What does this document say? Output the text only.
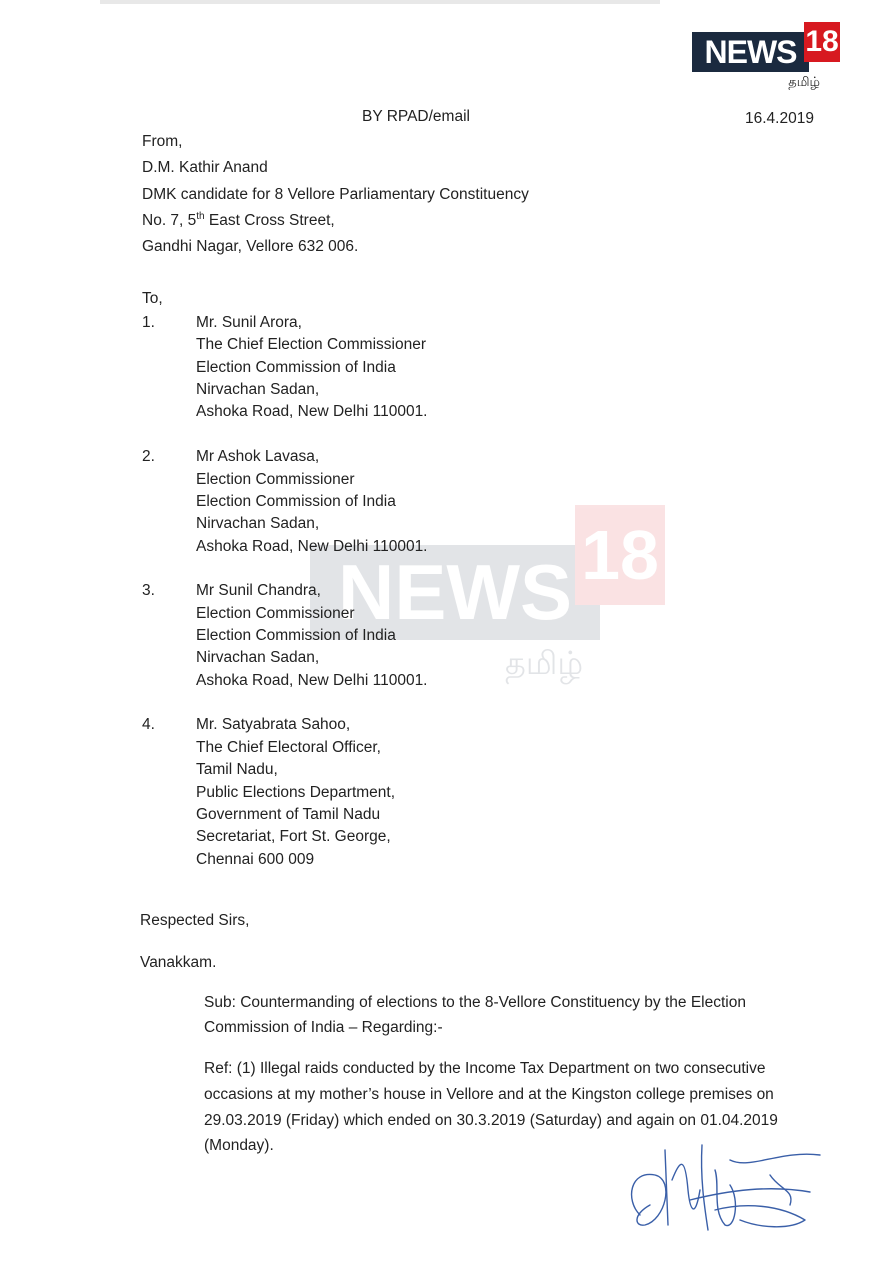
NEWS 18
தமிழ்
NEWS 18
தமிழ்
BY RPAD/email	16.4.2019
From,
D.M. Kathir Anand
DMK candidate for 8 Vellore Parliamentary Constituency
No. 7, 5th East Cross Street,
Gandhi Nagar, Vellore 632 006.
To,
1.	Mr. Sunil Arora,
The Chief Election Commissioner
Election Commission of India
Nirvachan Sadan,
Ashoka Road, New Delhi 110001.
2.	Mr Ashok Lavasa,
Election Commissioner
Election Commission of India
Nirvachan Sadan,
Ashoka Road, New Delhi 110001.
3.	Mr Sunil Chandra,
Election Commissioner
Election Commission of India
Nirvachan Sadan,
Ashoka Road, New Delhi 110001.
4.	Mr. Satyabrata Sahoo,
The Chief Electoral Officer,
Tamil Nadu,
Public Elections Department,
Government of Tamil Nadu
Secretariat, Fort St. George,
Chennai 600 009
Respected Sirs,
Vanakkam.
Sub: Countermanding of elections to the 8-Vellore Constituency by the Election
Commission of India – Regarding:-
Ref: (1) Illegal raids conducted by the Income Tax Department on two consecutive
occasions at my mother’s house in Vellore and at the Kingston college premises on
29.03.2019 (Friday) which ended on 30.3.2019 (Saturday) and again on 01.04.2019
(Monday).
